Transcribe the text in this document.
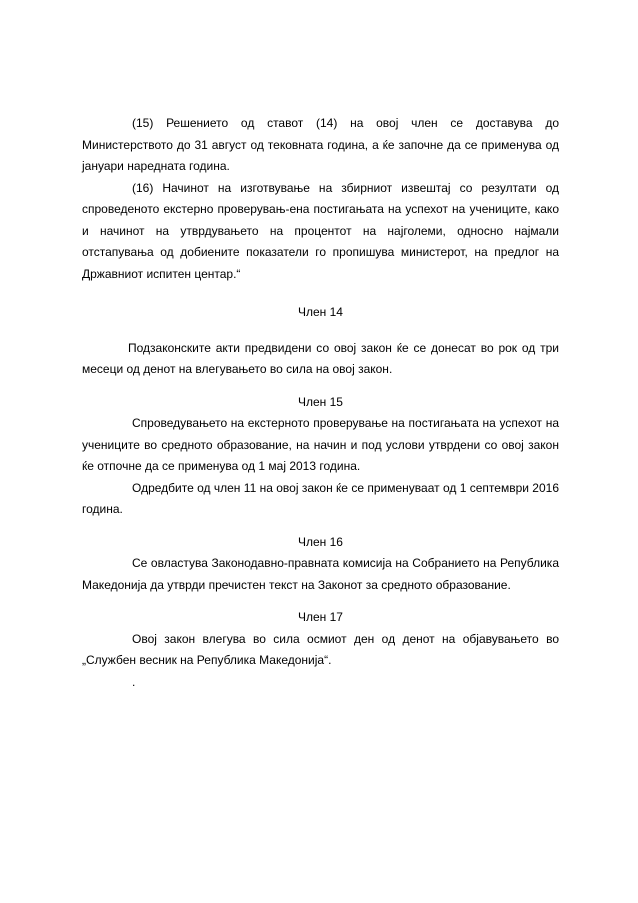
(15) Решението од ставот (14) на овој член се доставува до Министерството до 31 август од тековната година, а ќе започне да се применува од јануари наредната година.

(16) Начинот на изготвување на збирниот извештај со резултати од спроведеното екстерно проверувањ-ена постигањата на успехот на учениците, како и начинот на утврдувањето на процентот на најголеми, односно најмали отстапувања од добиените показатели го пропишува министерот, на предлог на Државниот испитен центар.“

Член 14

Подзаконските акти предвидени со овој закон ќе се донесат во рок од три месеци од денот на влегувањето во сила на овој закон.

Член 15

Спроведувањето на екстерното проверување на постигањата на успехот на учениците во средното образование, на начин и под услови утврдени со овој закон ќе отпочне да се применува од 1 мај 2013 година.

Одредбите од член 11 на овој закон ќе се применуваат од 1 септември 2016 година.

Член 16

Се овластува Законодавно-правната комисија на Собранието на Република Македонија да утврди пречистен текст на Законот за средното образование.

Член 17

Овој закон влегува во сила осмиот ден од денот на објавувањето во „Службен весник на Република Македонија“.

.
